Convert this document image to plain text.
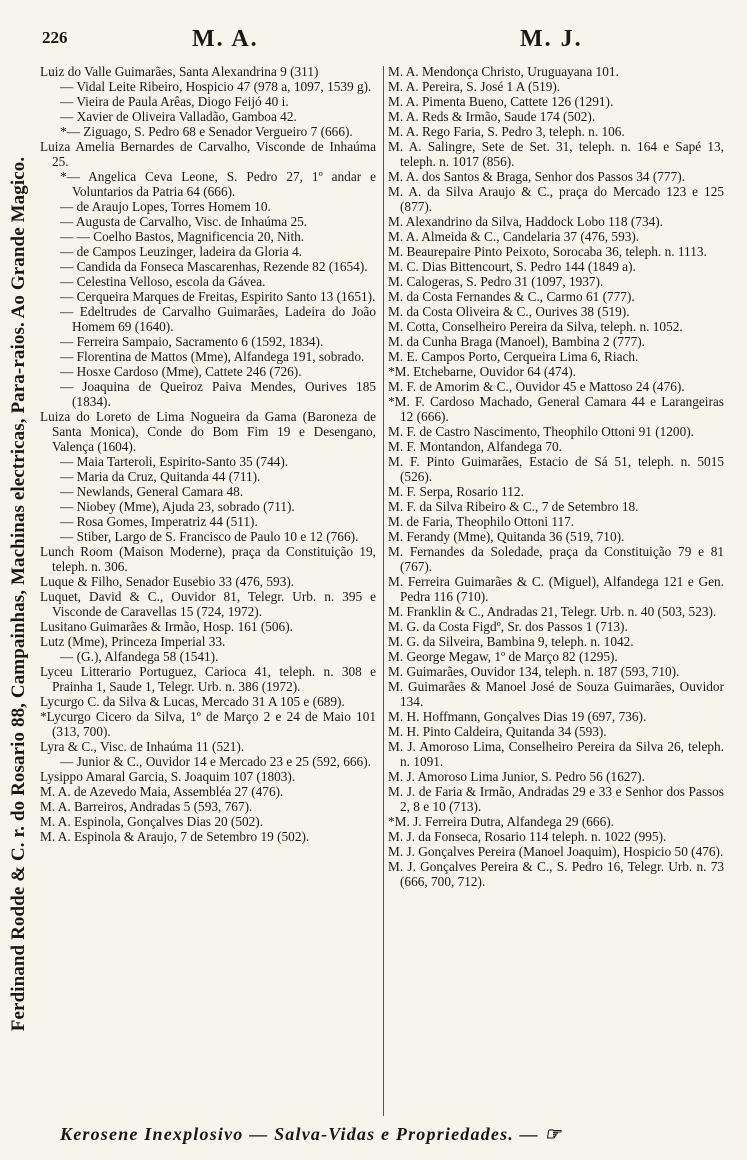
226	M. A.	M. J.
Ferdinand Rodde & C. r. do Rosario 88, Campainhas, Machinas electricas, Para-raios. Ao Grande Magico.
Luiz do Valle Guimarães, Santa Alexandrina 9 (311)
— Vidal Leite Ribeiro, Hospicio 47 (978 a, 1097, 1539 g).
— Vieira de Paula Arêas, Diogo Feijó 40 i.
— Xavier de Oliveira Valladão, Gamboa 42.
*— Ziguago, S. Pedro 68 e Senador Vergueiro 7 (666).
Luiza Amelia Bernardes de Carvalho, Visconde de Inhaúma 25.
*— Angelica Ceva Leone, S. Pedro 27, 1º andar e Voluntarios da Patria 64 (666).
— de Araujo Lopes, Torres Homem 10.
— Augusta de Carvalho, Visc. de Inhaúma 25.
— — Coelho Bastos, Magnificencia 20, Nith.
— de Campos Leuzinger, ladeira da Gloria 4.
— Candida da Fonseca Mascarenhas, Rezende 82 (1654).
— Celestina Velloso, escola da Gávea.
— Cerqueira Marques de Freitas, Espirito Santo 13 (1651).
— Edeltrudes de Carvalho Guimarães, Ladeira do João Homem 69 (1640).
— Ferreira Sampaio, Sacramento 6 (1592, 1834).
— Florentina de Mattos (Mme), Alfandega 191, sobrado.
— Hosxe Cardoso (Mme), Cattete 246 (726).
— Joaquina de Queiroz Paiva Mendes, Ourives 185 (1834).
Luiza do Loreto de Lima Nogueira da Gama (Baroneza de Santa Monica), Conde do Bom Fim 19 e Desengano, Valença (1604).
— Maia Tarteroli, Espirito-Santo 35 (744).
— Maria da Cruz, Quitanda 44 (711).
— Newlands, General Camara 48.
— Niobey (Mme), Ajuda 23, sobrado (711).
— Rosa Gomes, Imperatriz 44 (511).
— Stiber, Largo de S. Francisco de Paulo 10 e 12 (766).
Lunch Room (Maison Moderne), praça da Constituição 19, teleph. n. 306.
Luque & Filho, Senador Eusebio 33 (476, 593).
Luquet, David & C., Ouvidor 81, Telegr. Urb. n. 395 e Visconde de Caravellas 15 (724, 1972).
Lusitano Guimarães & Irmão, Hosp. 161 (506).
Lutz (Mme), Princeza Imperial 33.
— (G.), Alfandega 58 (1541).
Lyceu Litterario Portuguez, Carioca 41, teleph. n. 308 e Prainha 1, Saude 1, Telegr. Urb. n. 386 (1972).
Lycurgo C. da Silva & Lucas, Mercado 31 A 105 e (689).
*Lycurgo Cicero da Silva, 1º de Março 2 e 24 de Maio 101 (313, 700).
Lyra & C., Visc. de Inhaúma 11 (521).
— Junior & C., Ouvidor 14 e Mercado 23 e 25 (592, 666).
Lysippo Amaral Garcia, S. Joaquim 107 (1803).
M. A. de Azevedo Maia, Assembléa 27 (476).
M. A. Barreiros, Andradas 5 (593, 767).
M. A. Espinola, Gonçalves Dias 20 (502).
M. A. Espinola & Araujo, 7 de Setembro 19 (502).
M. A. Mendonça Christo, Uruguayana 101.
M. A. Pereira, S. José 1 A (519).
M. A. Pimenta Bueno, Cattete 126 (1291).
M. A. Reds & Irmão, Saude 174 (502).
M. A. Rego Faria, S. Pedro 3, teleph. n. 106.
M. A. Salingre, Sete de Set. 31, teleph. n. 164 e Sapé 13, teleph. n. 1017 (856).
M. A. dos Santos & Braga, Senhor dos Passos 34 (777).
M. A. da Silva Araujo & C., praça do Mercado 123 e 125 (877).
M. Alexandrino da Silva, Haddock Lobo 118 (734).
M. A. Almeida & C., Candelaria 37 (476, 593).
M. Beaurepaire Pinto Peixoto, Sorocaba 36, teleph. n. 1113.
M. C. Dias Bittencourt, S. Pedro 144 (1849 a).
M. Calogeras, S. Pedro 31 (1097, 1937).
M. da Costa Fernandes & C., Carmo 61 (777).
M. da Costa Oliveira & C., Ourives 38 (519).
M. Cotta, Conselheiro Pereira da Silva, teleph. n. 1052.
M. da Cunha Braga (Manoel), Bambina 2 (777).
M. E. Campos Porto, Cerqueira Lima 6, Riach.
*M. Etchebarne, Ouvidor 64 (474).
M. F. de Amorim & C., Ouvidor 45 e Mattoso 24 (476).
*M. F. Cardoso Machado, General Camara 44 e Larangeiras 12 (666).
M. F. de Castro Nascimento, Theophilo Ottoni 91 (1200).
M. F. Montandon, Alfandega 70.
M. F. Pinto Guimarães, Estacio de Sá 51, teleph. n. 5015 (526).
M. F. Serpa, Rosario 112.
M. F. da Silva Ribeiro & C., 7 de Setembro 18.
M. de Faria, Theophilo Ottoni 117.
M. Ferandy (Mme), Quitanda 36 (519, 710).
M. Fernandes da Soledade, praça da Constituição 79 e 81 (767).
M. Ferreira Guimarães & C. (Miguel), Alfandega 121 e Gen. Pedra 116 (710).
M. Franklin & C., Andradas 21, Telegr. Urb. n. 40 (503, 523).
M. G. da Costa Figdº, Sr. dos Passos 1 (713).
M. G. da Silveira, Bambina 9, teleph. n. 1042.
M. George Megaw, 1º de Março 82 (1295).
M. Guimarães, Ouvidor 134, teleph. n. 187 (593, 710).
M. Guimarães & Manoel José de Souza Guimarães, Ouvidor 134.
M. H. Hoffmann, Gonçalves Dias 19 (697, 736).
M. H. Pinto Caldeira, Quitanda 34 (593).
M. J. Amoroso Lima, Conselheiro Pereira da Silva 26, teleph. n. 1091.
M. J. Amoroso Lima Junior, S. Pedro 56 (1627).
M. J. de Faria & Irmão, Andradas 29 e 33 e Senhor dos Passos 2, 8 e 10 (713).
*M. J. Ferreira Dutra, Alfandega 29 (666).
M. J. da Fonseca, Rosario 114 teleph. n. 1022 (995).
M. J. Gonçalves Pereira (Manoel Joaquim), Hospicio 50 (476).
M. J. Gonçalves Pereira & C., S. Pedro 16, Telegr. Urb. n. 73 (666, 700, 712).
Kerosene Inexplosivo — Salva-Vidas e Propriedades. — ☞
